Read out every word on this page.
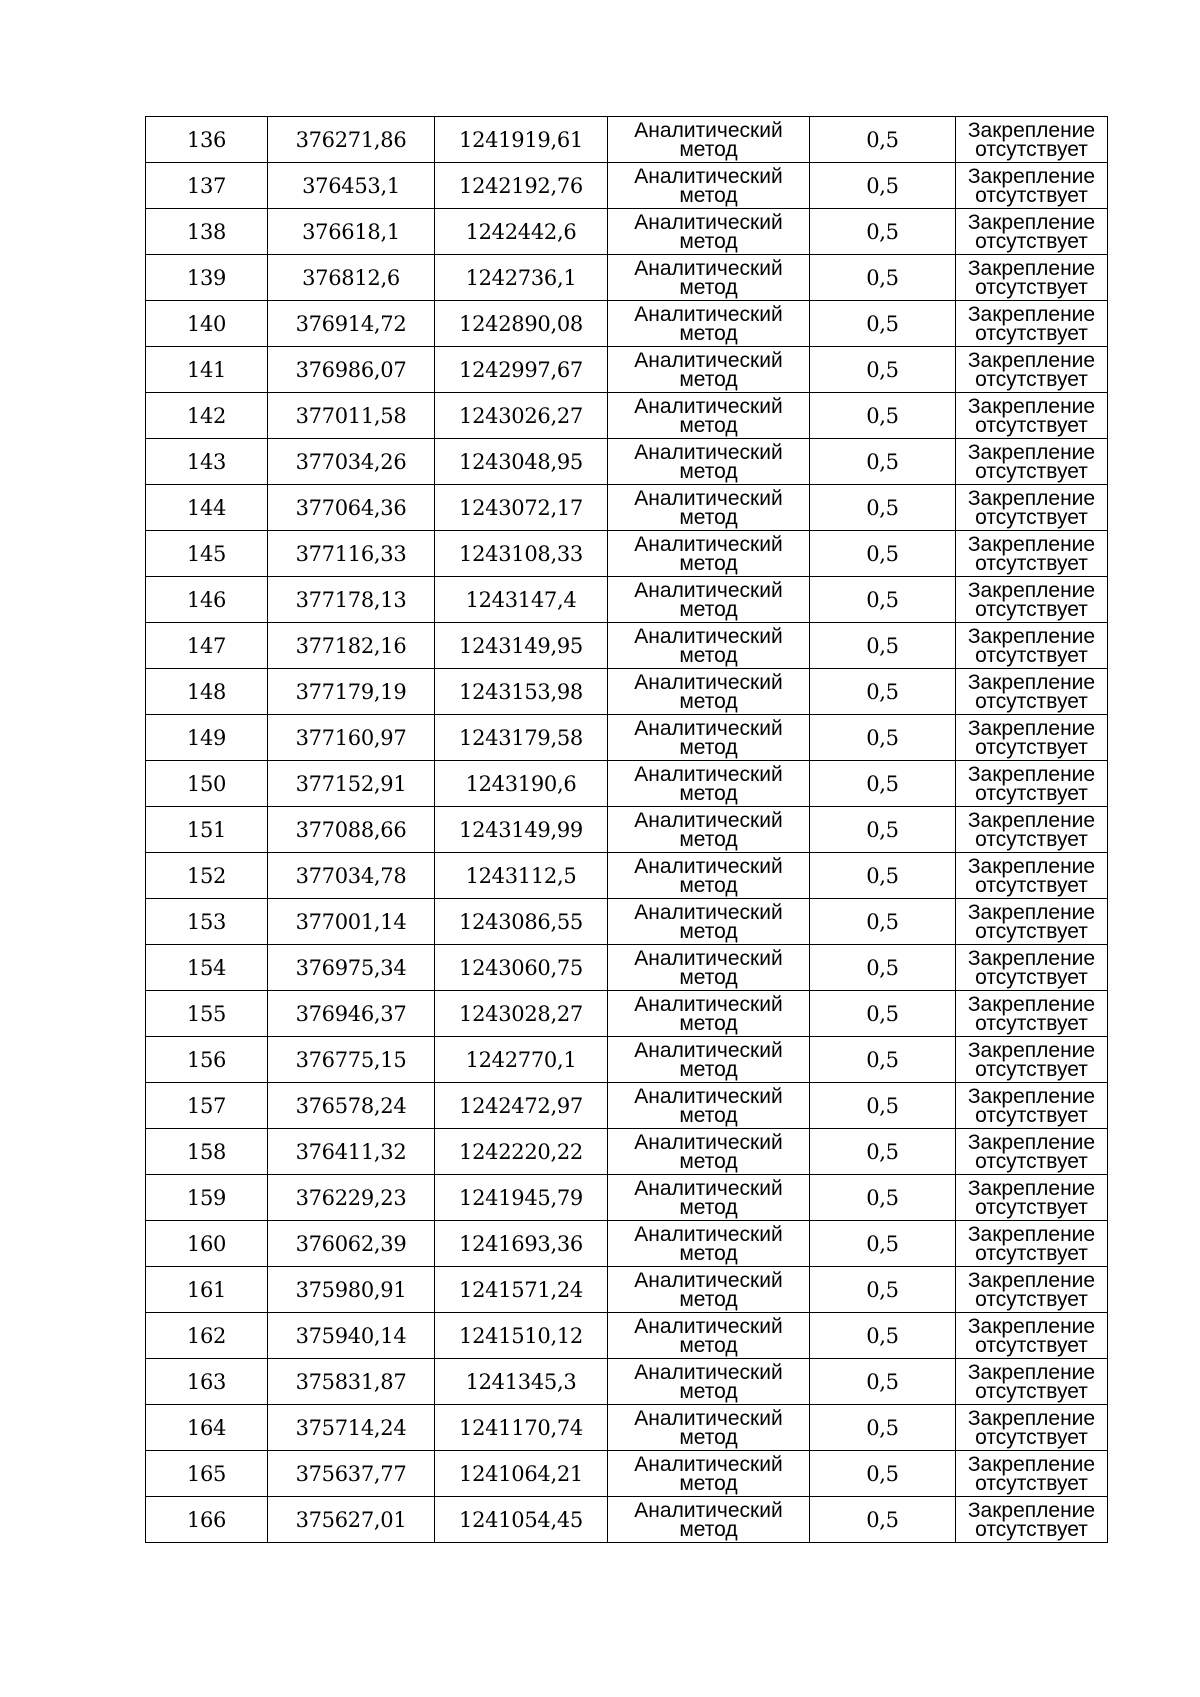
136	376271,86	1241919,61	Аналитический
метод	0,5	Закрепление
отсутствует

137	376453,1	1242192,76	Аналитический
метод	0,5	Закрепление
отсутствует

138	376618,1	1242442,6	Аналитический
метод	0,5	Закрепление
отсутствует

139	376812,6	1242736,1	Аналитический
метод	0,5	Закрепление
отсутствует

140	376914,72	1242890,08	Аналитический
метод	0,5	Закрепление
отсутствует

141	376986,07	1242997,67	Аналитический
метод	0,5	Закрепление
отсутствует

142	377011,58	1243026,27	Аналитический
метод	0,5	Закрепление
отсутствует

143	377034,26	1243048,95	Аналитический
метод	0,5	Закрепление
отсутствует

144	377064,36	1243072,17	Аналитический
метод	0,5	Закрепление
отсутствует

145	377116,33	1243108,33	Аналитический
метод	0,5	Закрепление
отсутствует

146	377178,13	1243147,4	Аналитический
метод	0,5	Закрепление
отсутствует

147	377182,16	1243149,95	Аналитический
метод	0,5	Закрепление
отсутствует

148	377179,19	1243153,98	Аналитический
метод	0,5	Закрепление
отсутствует

149	377160,97	1243179,58	Аналитический
метод	0,5	Закрепление
отсутствует

150	377152,91	1243190,6	Аналитический
метод	0,5	Закрепление
отсутствует

151	377088,66	1243149,99	Аналитический
метод	0,5	Закрепление
отсутствует

152	377034,78	1243112,5	Аналитический
метод	0,5	Закрепление
отсутствует

153	377001,14	1243086,55	Аналитический
метод	0,5	Закрепление
отсутствует

154	376975,34	1243060,75	Аналитический
метод	0,5	Закрепление
отсутствует

155	376946,37	1243028,27	Аналитический
метод	0,5	Закрепление
отсутствует

156	376775,15	1242770,1	Аналитический
метод	0,5	Закрепление
отсутствует

157	376578,24	1242472,97	Аналитический
метод	0,5	Закрепление
отсутствует

158	376411,32	1242220,22	Аналитический
метод	0,5	Закрепление
отсутствует

159	376229,23	1241945,79	Аналитический
метод	0,5	Закрепление
отсутствует

160	376062,39	1241693,36	Аналитический
метод	0,5	Закрепление
отсутствует

161	375980,91	1241571,24	Аналитический
метод	0,5	Закрепление
отсутствует

162	375940,14	1241510,12	Аналитический
метод	0,5	Закрепление
отсутствует

163	375831,87	1241345,3	Аналитический
метод	0,5	Закрепление
отсутствует

164	375714,24	1241170,74	Аналитический
метод	0,5	Закрепление
отсутствует

165	375637,77	1241064,21	Аналитический
метод	0,5	Закрепление
отсутствует

166	375627,01	1241054,45	Аналитический
метод	0,5	Закрепление
отсутствует
